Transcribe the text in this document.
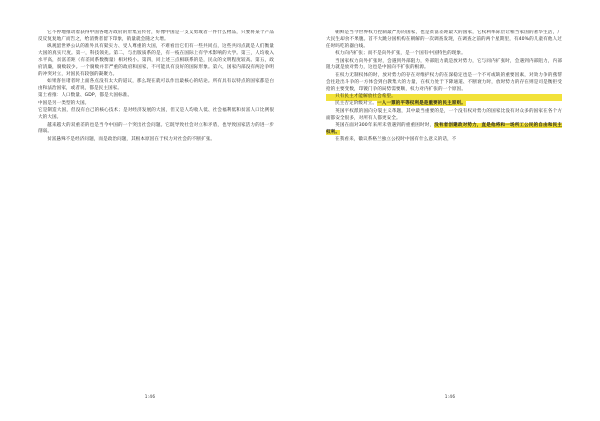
它不停地推动着获得中国各地方政府的卅集宣传付，好像中国是一支艾勇或者一件什么物品，只要将某个产品反反复复地广而告之，给消费者留下印象，销量就会随之大增。

纵观韶世界公认的准外具有狱实力、受人尊重的大国，不难看出它们有一些共同点，这些共同点就是人们衡量大国的真实尺度。第一，科技领先。第二，与出版质系的是，有一枝在国际上有学术影响的大学。第三，人均收入水平高，贫富差距（有差同系数衡量）相对校小。第四，同上述三点相联系的是，民众的文明程度较高。第五，政府清廉，腐败较少。一个腐败并非严重的政府和国家，不可能具有良好的国际形象。第六，国家内部没有两沦争明的冲突对立，对国民有较强的凝聚力。

如果客住诸者时上面各点没有太大的道议，那么现在就可以作出最核心的结论。所有具有以特点的国家都是白由和法治国家，或者说，都是民主国家。

第土看推：人口数量、GDP，都是大国标准。

中国是另一类型的大国。

它是制造大国，但没有白己的核心技术；是对经济发展的大国，但又是人均收人低、社会福利低和贫富人口比例很大的大国。

越来越大的双重差的也是当今中国的一个突出社会问题。它既导致社会对立和矛盾，也导致国家活力的进一步削弱。

贫富悬殊不是经济问题，而是政治问题，其根本原因在于权力对社会的不断扩张。

1:46

朝鲜是当今世界权力控制最严厉的国家，也是贫富差距最大的国家，它权利率际层让相当家国的著华生活，广大民生却食不果腹。首不大跳分国机构在朝解的一次调查发现，在调查之前的两个星期里，有40%的儿童有他人过任时吗吃的器白线。

权力向内扩张；而不是向外扩张，是一个国有中国特色的现象。

当国家权力向外扩张时，会遇到外部阻力，外部阻力就是放对势力，它与同内扩张时，会遇到内部阻力，内部阻力就是放对势力，这也是中国向不扩张的根源。

在权力无制权体的时，放对势力的存在对维护权力的在深稳定也是一个不可或缺的重要因素，对效力争的燕帮会往赴出斗争的一方体会到白教集大的力量，在权力处于下降通道、不断衰力时，放时势力的存在则是司是衡拒受抢的主要变数，印镀门争的局势需要顺，权力对内扩张的一个原因。

只有民主才能解放社会希望。

民主否定阶级对立。一人一票的平等权利是是重要的民主原则。

英国平权派的国向分裂主义革题，其中最当重要的是，一个没有权对势力的国家比没有对众多的国家在各个方面都安全很多，对所有人都更安全。

英国在面对300年来所未曾遇到的重重困时时，没有者创建政对势力，直是他将和一场所工公民的自由和民主权利。

在我看来，徽议系格兰独立公投时中国有什么意义的话，不

1:46
